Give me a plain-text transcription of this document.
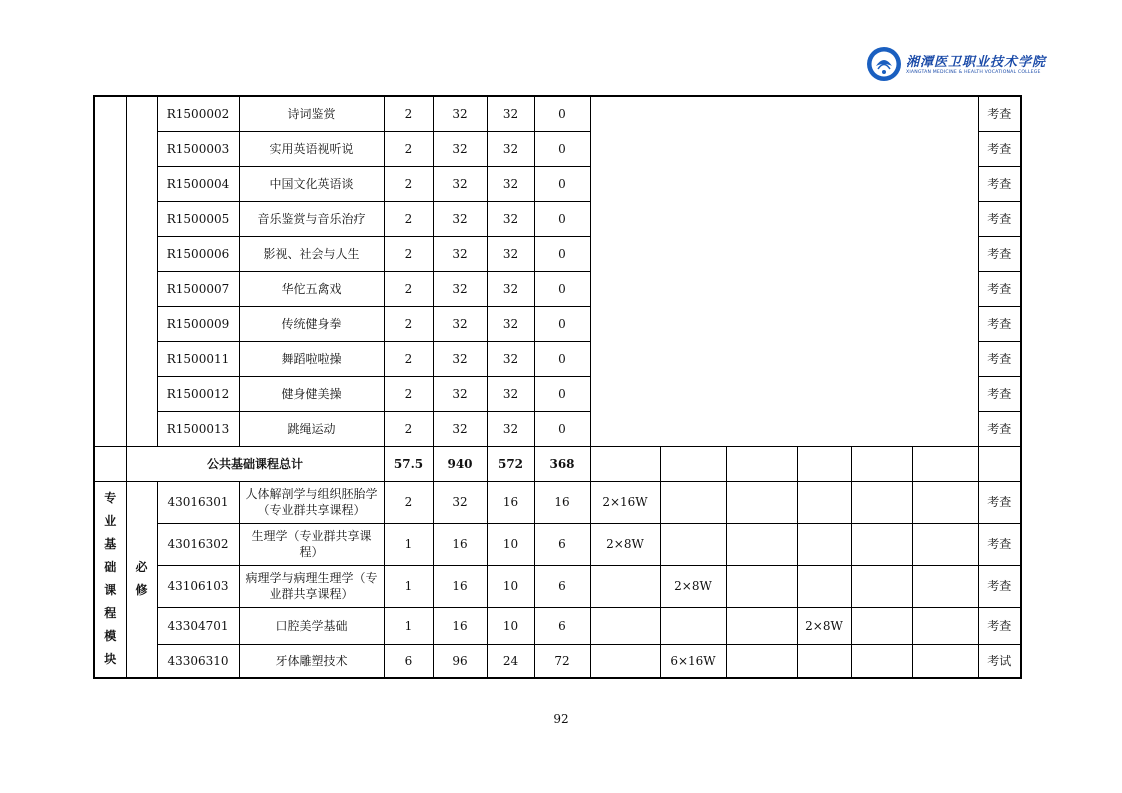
湘潭医卫职业技术学院
XIANGTAN MEDICINE & HEALTH VOCATIONAL COLLEGE
		R1500002	诗词鉴赏	2	32	32	0							考查
		R1500003	实用英语视听说	2	32	32	0							考查
		R1500004	中国文化英语谈	2	32	32	0							考查
		R1500005	音乐鉴赏与音乐治疗	2	32	32	0							考查
		R1500006	影视、社会与人生	2	32	32	0							考查
		R1500007	华佗五禽戏	2	32	32	0							考查
		R1500009	传统健身拳	2	32	32	0							考查
		R1500011	舞蹈啦啦操	2	32	32	0							考查
		R1500012	健身健美操	2	32	32	0							考查
		R1500013	跳绳运动	2	32	32	0							考查
	公共基础课程总计			57.5	940	572	368							
专业基础课程模块	必修	43016301	人体解剖学与组织胚胎学（专业群共享课程）	2	32	16	16	2×16W						考查
		43016302	生理学（专业群共享课程）	1	16	10	6	2×8W						考查
		43106103	病理学与病理生理学（专业群共享课程）	1	16	10	6		2×8W					考查
		43304701	口腔美学基础	1	16	10	6				2×8W			考查
		43306310	牙体雕塑技术	6	96	24	72		6×16W					考试
92
